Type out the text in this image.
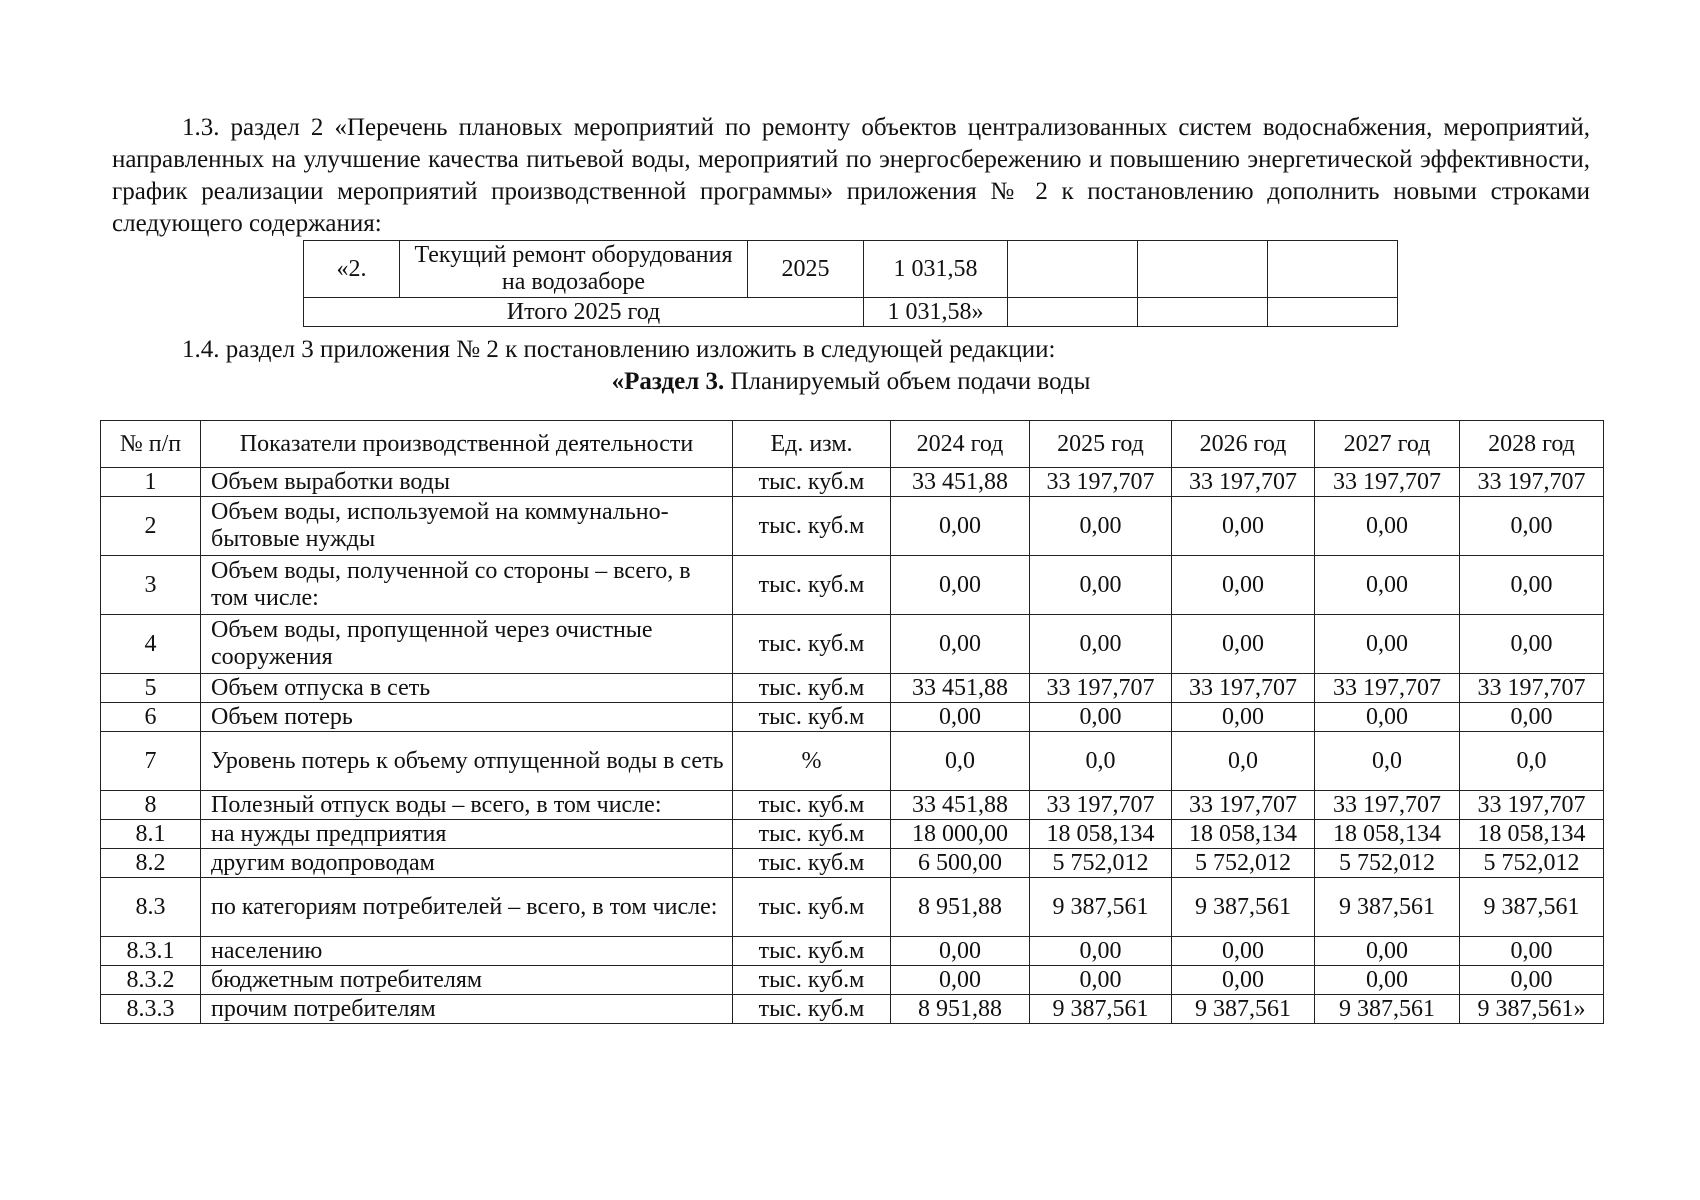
1.3. раздел 2 «Перечень плановых мероприятий по ремонту объектов централизованных систем водоснабжения, мероприятий, направленных на улучшение качества питьевой воды, мероприятий по энергосбережению и повышению энергетической эффективности, график реализации мероприятий производственной программы» приложения № 2 к постановлению дополнить новыми строками следующего содержания:

«2.	Текущий ремонт оборудования на водозаборе	2025	1 031,58			
Итого 2025 год			1 031,58»			

1.4. раздел 3 приложения № 2 к постановлению изложить в следующей редакции:

«Раздел 3. Планируемый объем подачи воды
№ п/п	Показатели производственной деятельности	Ед. изм.	2024 год	2025 год	2026 год	2027 год	2028 год
1	Объем выработки воды	тыс. куб.м	33 451,88	33 197,707	33 197,707	33 197,707	33 197,707
2	Объем воды, используемой на коммунально-бытовые нужды	тыс. куб.м	0,00	0,00	0,00	0,00	0,00
3	Объем воды, полученной со стороны – всего, в том числе:	тыс. куб.м	0,00	0,00	0,00	0,00	0,00
4	Объем воды, пропущенной через очистные сооружения	тыс. куб.м	0,00	0,00	0,00	0,00	0,00
5	Объем отпуска в сеть	тыс. куб.м	33 451,88	33 197,707	33 197,707	33 197,707	33 197,707
6	Объем потерь	тыс. куб.м	0,00	0,00	0,00	0,00	0,00
7	Уровень потерь к объему отпущенной воды в сеть	%	0,0	0,0	0,0	0,0	0,0
8	Полезный отпуск воды – всего, в том числе:	тыс. куб.м	33 451,88	33 197,707	33 197,707	33 197,707	33 197,707
8.1	на нужды предприятия	тыс. куб.м	18 000,00	18 058,134	18 058,134	18 058,134	18 058,134
8.2	другим водопроводам	тыс. куб.м	6 500,00	5 752,012	5 752,012	5 752,012	5 752,012
8.3	по категориям потребителей – всего, в том числе:	тыс. куб.м	8 951,88	9 387,561	9 387,561	9 387,561	9 387,561
8.3.1	населению	тыс. куб.м	0,00	0,00	0,00	0,00	0,00
8.3.2	бюджетным потребителям	тыс. куб.м	0,00	0,00	0,00	0,00	0,00
8.3.3	прочим потребителям	тыс. куб.м	8 951,88	9 387,561	9 387,561	9 387,561	9 387,561»
